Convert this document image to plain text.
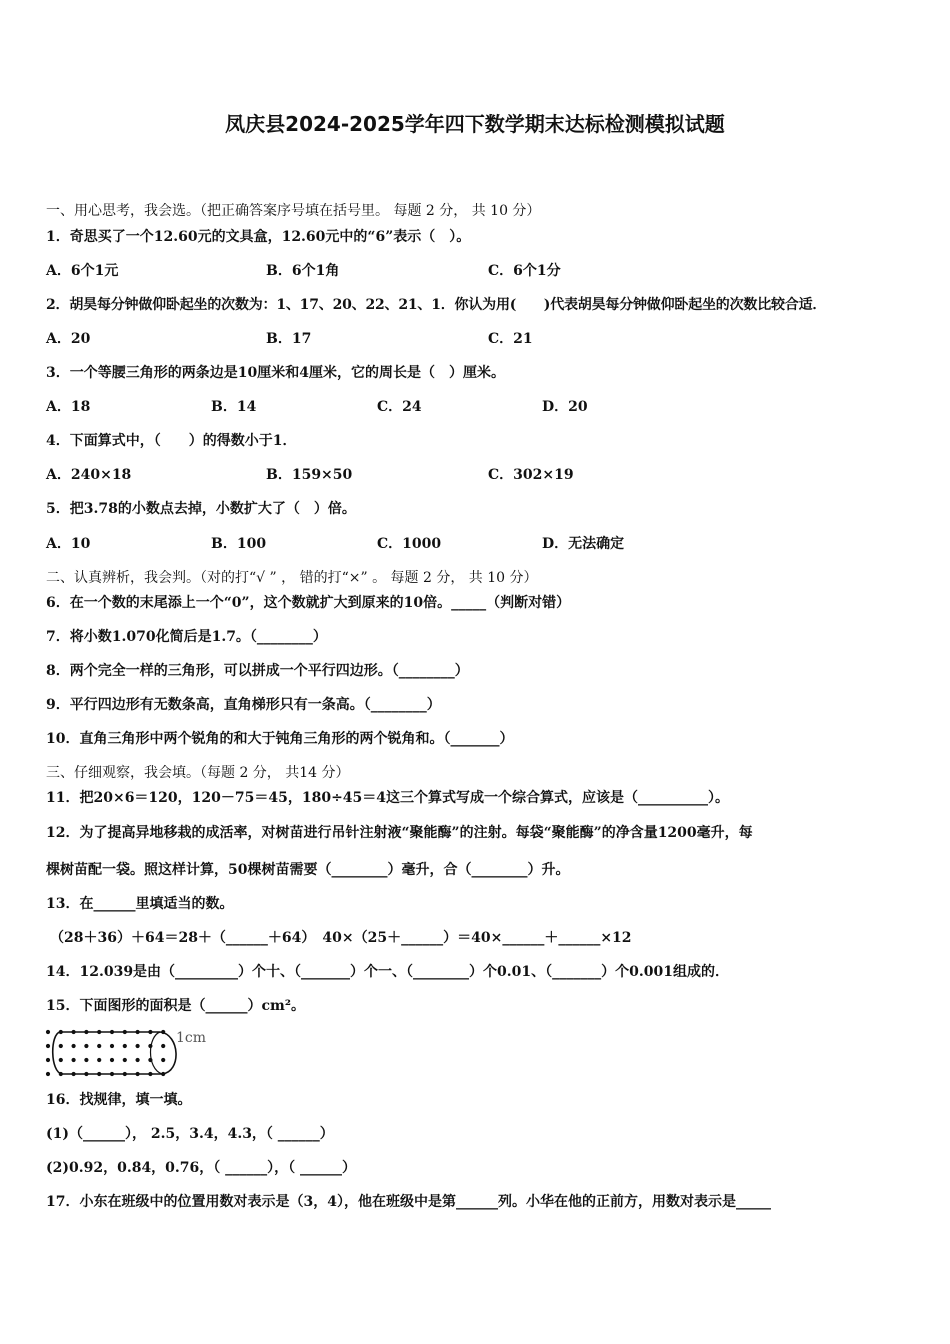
凤庆县2024-2025学年四下数学期末达标检测模拟试题
一、用心思考，我会选。（把正确答案序号填在括号里。 每题 2 分， 共 10 分）
1．奇思买了一个12.60元的文具盒，12.60元中的“6”表示（　）。
A．6个1元	B．6个1角	C．6个1分
2．胡昊每分钟做仰卧起坐的次数为：1、17、20、22、21、1．你认为用(　　)代表胡昊每分钟做仰卧起坐的次数比较合适．
A．20	B．17	C．21
3．一个等腰三角形的两条边是10厘米和4厘米，它的周长是（　）厘米。
A．18	B．14	C．24	D．20
4．下面算式中，（　　）的得数小于1．
A．240×18	B．159×50	C．302×19
5．把3.78的小数点去掉，小数扩大了（　）倍。
A．10	B．100	C．1000	D．无法确定
二、认真辨析，我会判。（对的打“√ ” ， 错的打“×” 。 每题 2 分， 共 10 分）
6．在一个数的末尾添上一个“0”，这个数就扩大到原来的10倍。_____（判断对错）
7．将小数1.070化简后是1.7。（________）
8．两个完全一样的三角形，可以拼成一个平行四边形。（________）
9．平行四边形有无数条高，直角梯形只有一条高。（________）
10．直角三角形中两个锐角的和大于钝角三角形的两个锐角和。（_______）
三、仔细观察，我会填。（每题 2 分， 共14 分）
11．把20×6＝120，120－75＝45，180÷45＝4这三个算式写成一个综合算式，应该是（__________）。
12．为了提高异地移栽的成活率，对树苗进行吊针注射液“聚能酶”的注射。每袋“聚能酶”的净含量1200毫升，每
棵树苗配一袋。照这样计算，50棵树苗需要（________）毫升，合（________）升。
13．在______里填适当的数。
（28＋36）＋64＝28＋（______＋64）　40×（25＋______）＝40×______＋______×12
14．12.039是由（_________）个十、（_______）个一、（________）个0.01、（_______）个0.001组成的．
15．下面图形的面积是（______）cm²。
1cm
16．找规律，填一填。
(1)（______）， 2.5，3.4，4.3，（ ______）
(2)0.92，0.84，0.76，（ ______），（ ______）
17．小东在班级中的位置用数对表示是（3，4），他在班级中是第______列。小华在他的正前方，用数对表示是_____
